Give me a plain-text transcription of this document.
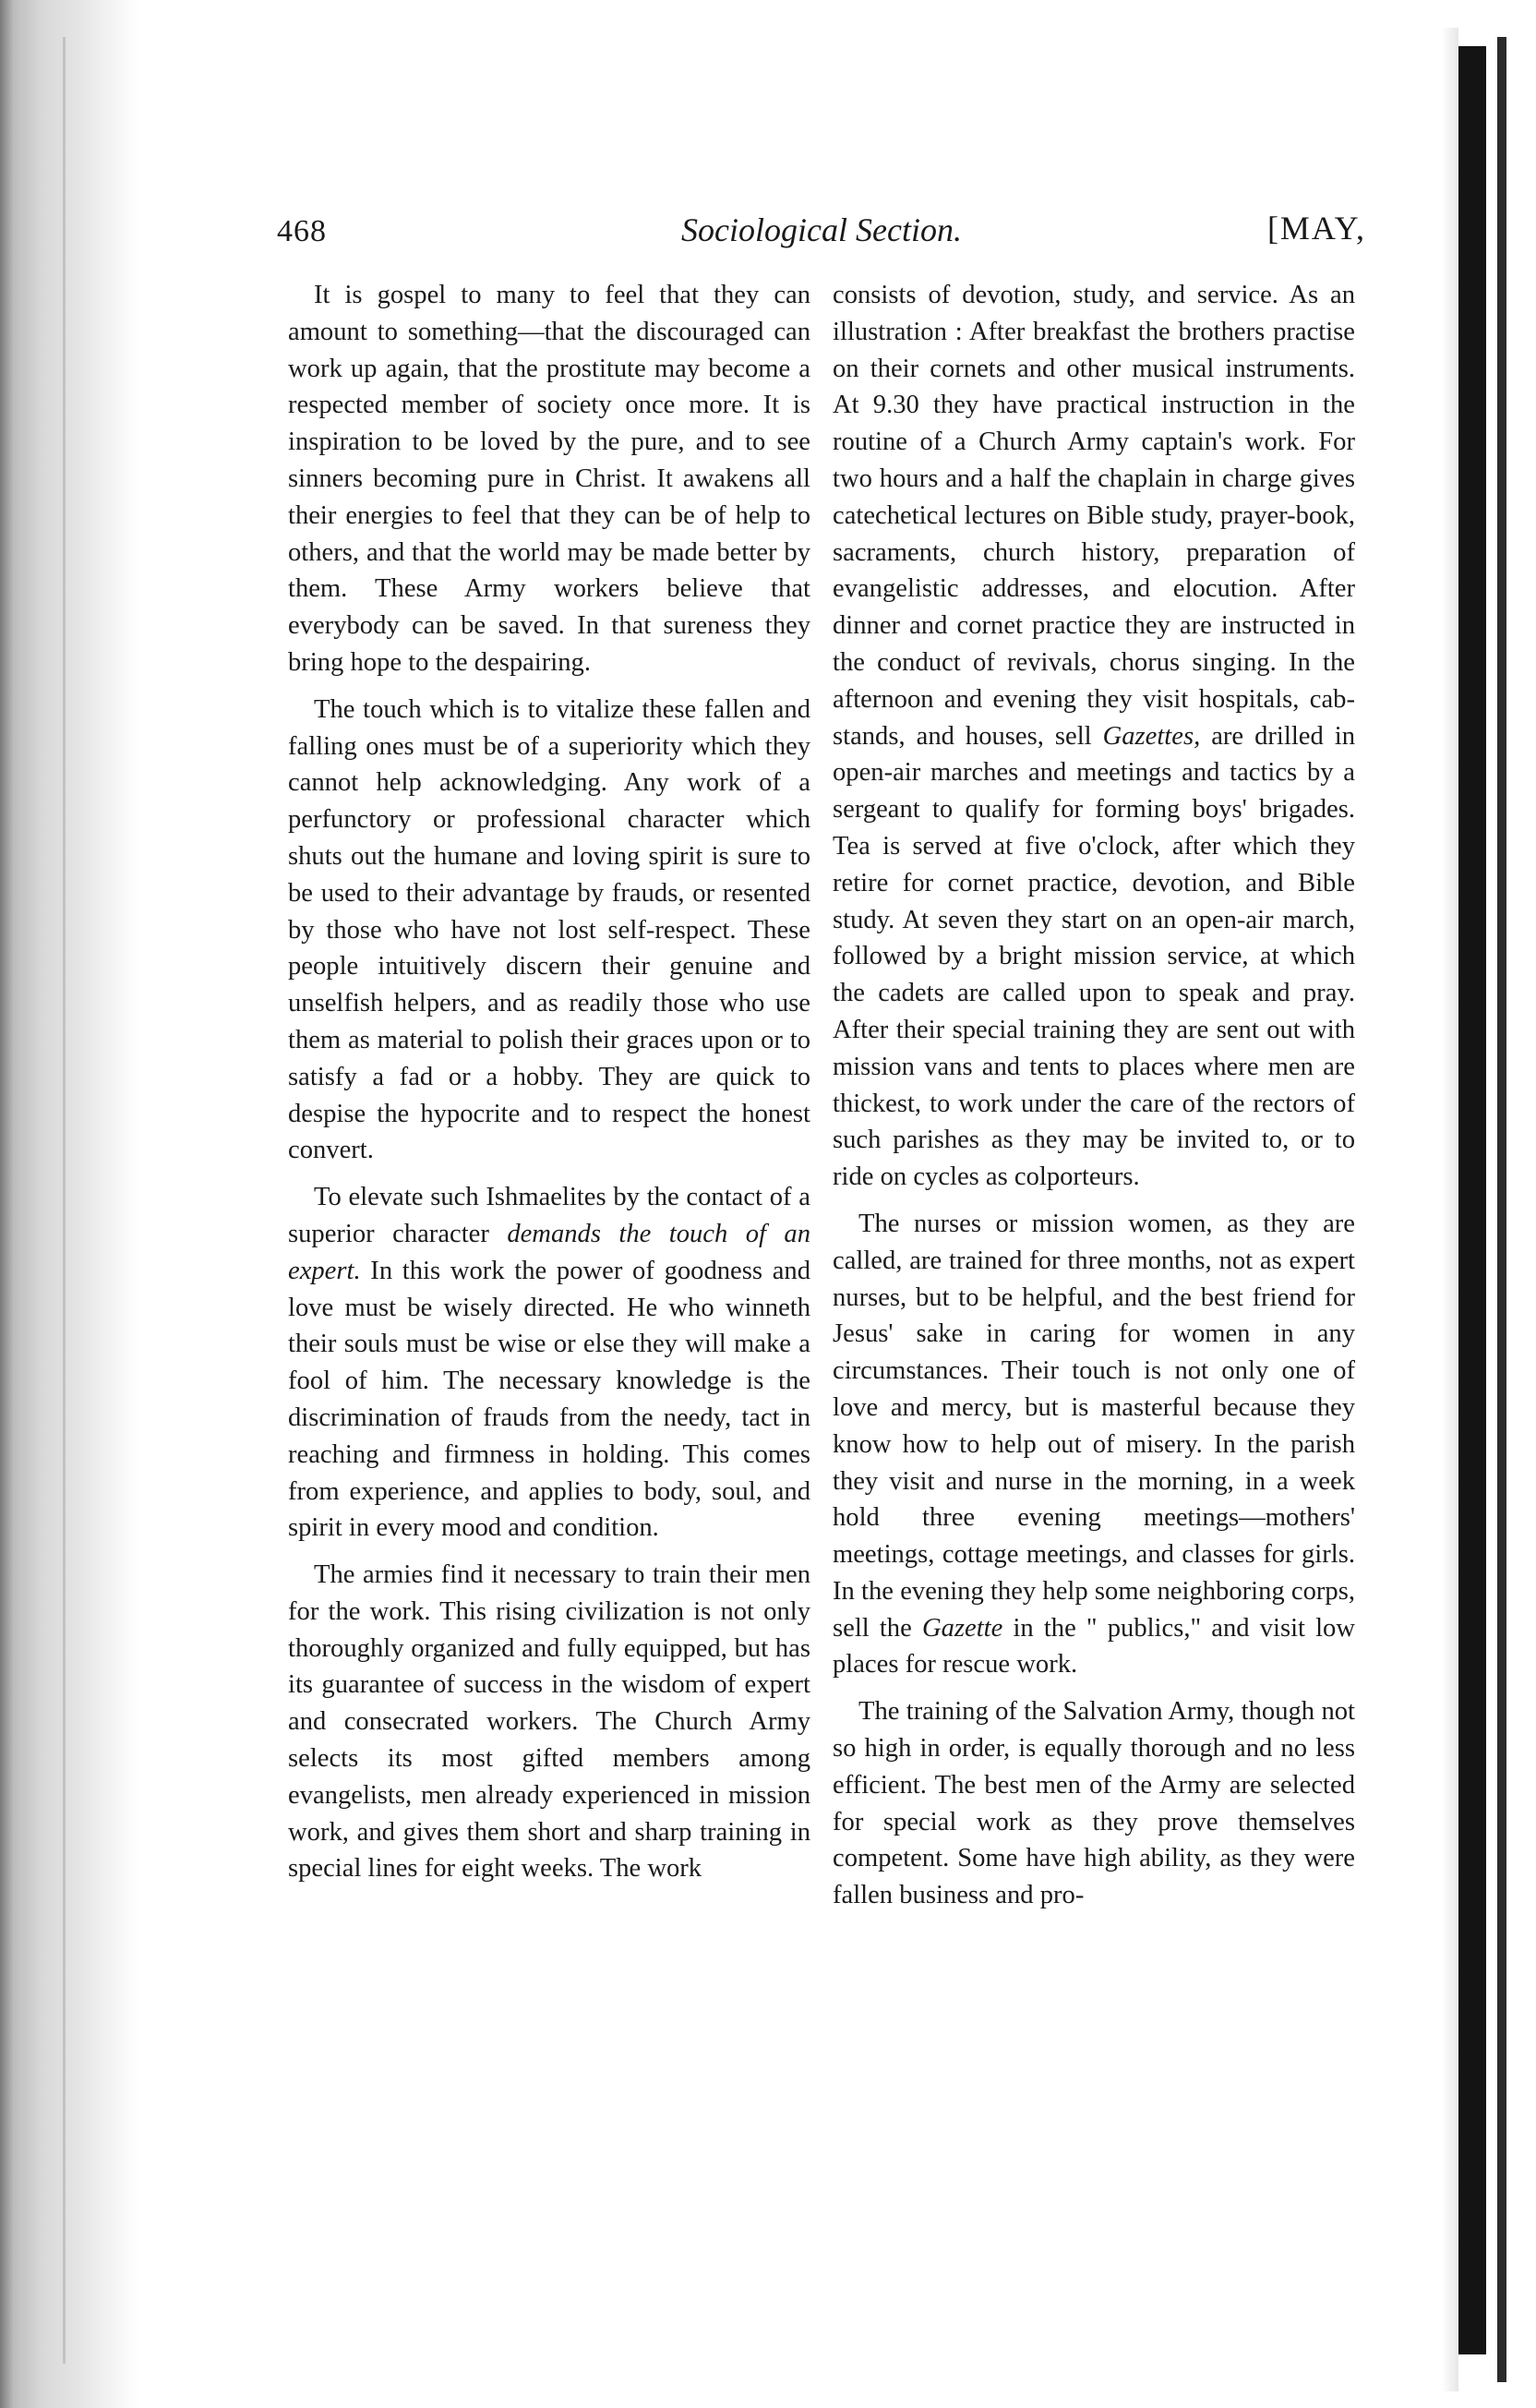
468	Sociological Section.	[MAY,

It is gospel to many to feel that they can amount to something—that the discouraged can work up again, that the prostitute may become a respected member of society once more. It is inspiration to be loved by the pure, and to see sinners becoming pure in Christ. It awakens all their energies to feel that they can be of help to others, and that the world may be made better by them. These Army workers believe that everybody can be saved. In that sureness they bring hope to the despairing.

The touch which is to vitalize these fallen and falling ones must be of a superiority which they cannot help acknowledging. Any work of a perfunctory or professional character which shuts out the humane and loving spirit is sure to be used to their advantage by frauds, or resented by those who have not lost self-respect. These people intuitively discern their genuine and unselfish helpers, and as readily those who use them as material to polish their graces upon or to satisfy a fad or a hobby. They are quick to despise the hypocrite and to respect the honest convert.

To elevate such Ishmaelites by the contact of a superior character demands the touch of an expert. In this work the power of goodness and love must be wisely directed. He who winneth their souls must be wise or else they will make a fool of him. The necessary knowledge is the discrimination of frauds from the needy, tact in reaching and firmness in holding. This comes from experience, and applies to body, soul, and spirit in every mood and condition.

The armies find it necessary to train their men for the work. This rising civilization is not only thoroughly organized and fully equipped, but has its guarantee of success in the wisdom of expert and consecrated workers. The Church Army selects its most gifted members among evangelists, men already experienced in mission work, and gives them short and sharp training in special lines for eight weeks. The work

consists of devotion, study, and service. As an illustration : After breakfast the brothers practise on their cornets and other musical instruments. At 9.30 they have practical instruction in the routine of a Church Army captain's work. For two hours and a half the chaplain in charge gives catechetical lectures on Bible study, prayer-book, sacraments, church history, preparation of evangelistic addresses, and elocution. After dinner and cornet practice they are instructed in the conduct of revivals, chorus singing. In the afternoon and evening they visit hospitals, cab-stands, and houses, sell Gazettes, are drilled in open-air marches and meetings and tactics by a sergeant to qualify for forming boys' brigades. Tea is served at five o'clock, after which they retire for cornet practice, devotion, and Bible study. At seven they start on an open-air march, followed by a bright mission service, at which the cadets are called upon to speak and pray. After their special training they are sent out with mission vans and tents to places where men are thickest, to work under the care of the rectors of such parishes as they may be invited to, or to ride on cycles as colporteurs.

The nurses or mission women, as they are called, are trained for three months, not as expert nurses, but to be helpful, and the best friend for Jesus' sake in caring for women in any circumstances. Their touch is not only one of love and mercy, but is masterful because they know how to help out of misery. In the parish they visit and nurse in the morning, in a week hold three evening meetings—mothers' meetings, cottage meetings, and classes for girls. In the evening they help some neighboring corps, sell the Gazette in the " publics," and visit low places for rescue work.

The training of the Salvation Army, though not so high in order, is equally thorough and no less efficient. The best men of the Army are selected for special work as they prove themselves competent. Some have high ability, as they were fallen business and pro-
